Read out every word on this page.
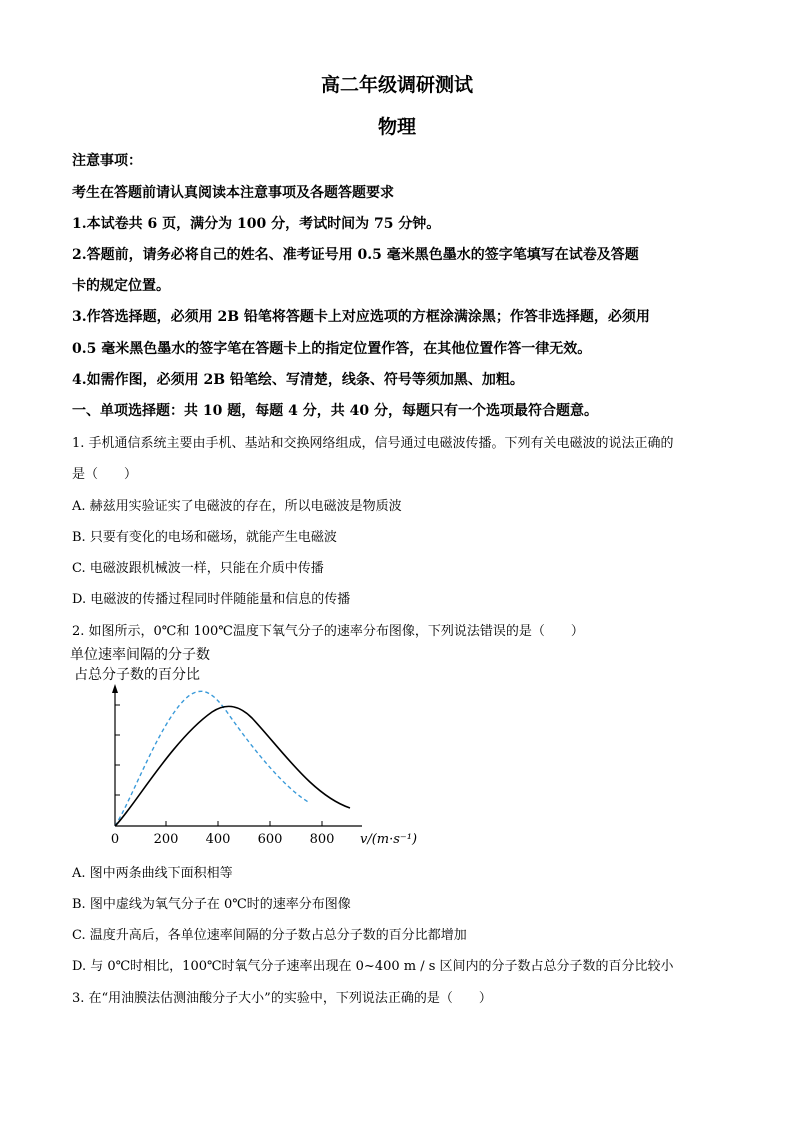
高二年级调研测试
物理
注意事项：
考生在答题前请认真阅读本注意事项及各题答题要求
1.本试卷共 6 页，满分为 100 分，考试时间为 75 分钟。
2.答题前，请务必将自己的姓名、准考证号用 0.5 毫米黑色墨水的签字笔填写在试卷及答题
卡的规定位置。
3.作答选择题，必须用 2B 铅笔将答题卡上对应选项的方框涂满涂黑；作答非选择题，必须用
0.5 毫米黑色墨水的签字笔在答题卡上的指定位置作答，在其他位置作答一律无效。
4.如需作图，必须用 2B 铅笔绘、写清楚，线条、符号等须加黑、加粗。
一、单项选择题：共 10 题，每题 4 分，共 40 分，每题只有一个选项最符合题意。
1. 手机通信系统主要由手机、基站和交换网络组成，信号通过电磁波传播。下列有关电磁波的说法正确的
是（　　）
A. 赫兹用实验证实了电磁波的存在，所以电磁波是物质波
B. 只要有变化的电场和磁场，就能产生电磁波
C. 电磁波跟机械波一样，只能在介质中传播
D. 电磁波的传播过程同时伴随能量和信息的传播
2. 如图所示，0℃和 100℃温度下氧气分子的速率分布图像，下列说法错误的是（　　）
单位速率间隔的分子数
占总分子数的百分比
0	200 400 600 800 v/(m·s⁻¹)
A. 图中两条曲线下面积相等
B. 图中虚线为氧气分子在 0℃时的速率分布图像
C. 温度升高后，各单位速率间隔的分子数占总分子数的百分比都增加
D. 与 0℃时相比，100℃时氧气分子速率出现在 0~400 m / s 区间内的分子数占总分子数的百分比较小
3. 在“用油膜法估测油酸分子大小”的实验中，下列说法正确的是（　　）
